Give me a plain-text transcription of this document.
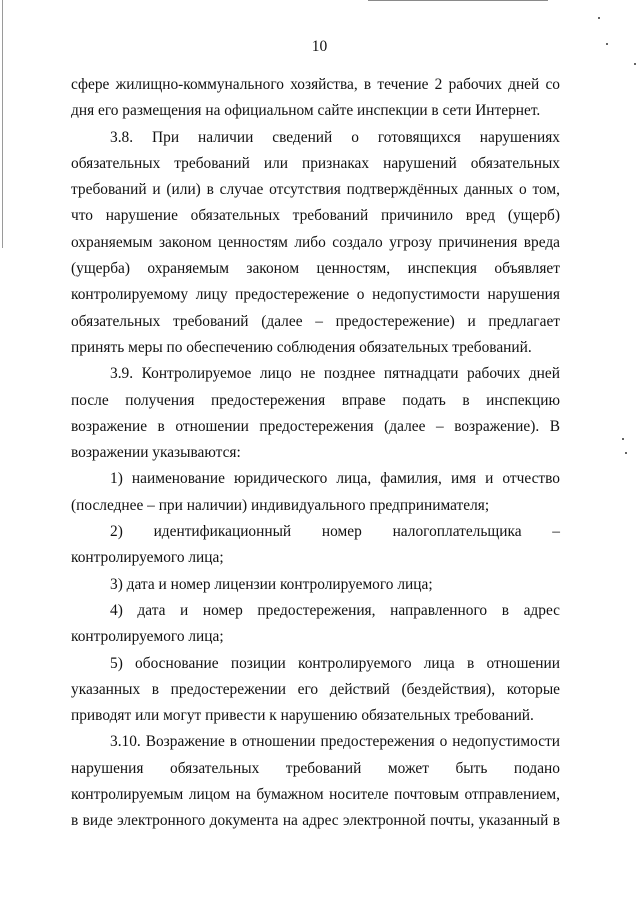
10

сфере жилищно-коммунального хозяйства, в течение 2 рабочих дней со дня его размещения на официальном сайте инспекции в сети Интернет.

3.8. При наличии сведений о готовящихся нарушениях обязательных требований или признаках нарушений обязательных требований и (или) в случае отсутствия подтверждённых данных о том, что нарушение обязательных требований причинило вред (ущерб) охраняемым законом ценностям либо создало угрозу причинения вреда (ущерба) охраняемым законом ценностям, инспекция объявляет контролируемому лицу предостережение о недопустимости нарушения обязательных требований (далее – предостережение) и предлагает принять меры по обеспечению соблюдения обязательных требований.

3.9. Контролируемое лицо не позднее пятнадцати рабочих дней после получения предостережения вправе подать в инспекцию возражение в отношении предостережения (далее – возражение). В возражении указываются:

1) наименование юридического лица, фамилия, имя и отчество (последнее – при наличии) индивидуального предпринимателя;

2) идентификационный номер налогоплательщика – контролируемого лица;

3) дата и номер лицензии контролируемого лица;

4) дата и номер предостережения, направленного в адрес контролируемого лица;

5) обоснование позиции контролируемого лица в отношении указанных в предостережении его действий (бездействия), которые приводят или могут привести к нарушению обязательных требований.

3.10. Возражение в отношении предостережения о недопустимости нарушения обязательных требований может быть подано контролируемым лицом на бумажном носителе почтовым отправлением, в виде электронного документа на адрес электронной почты, указанный в
